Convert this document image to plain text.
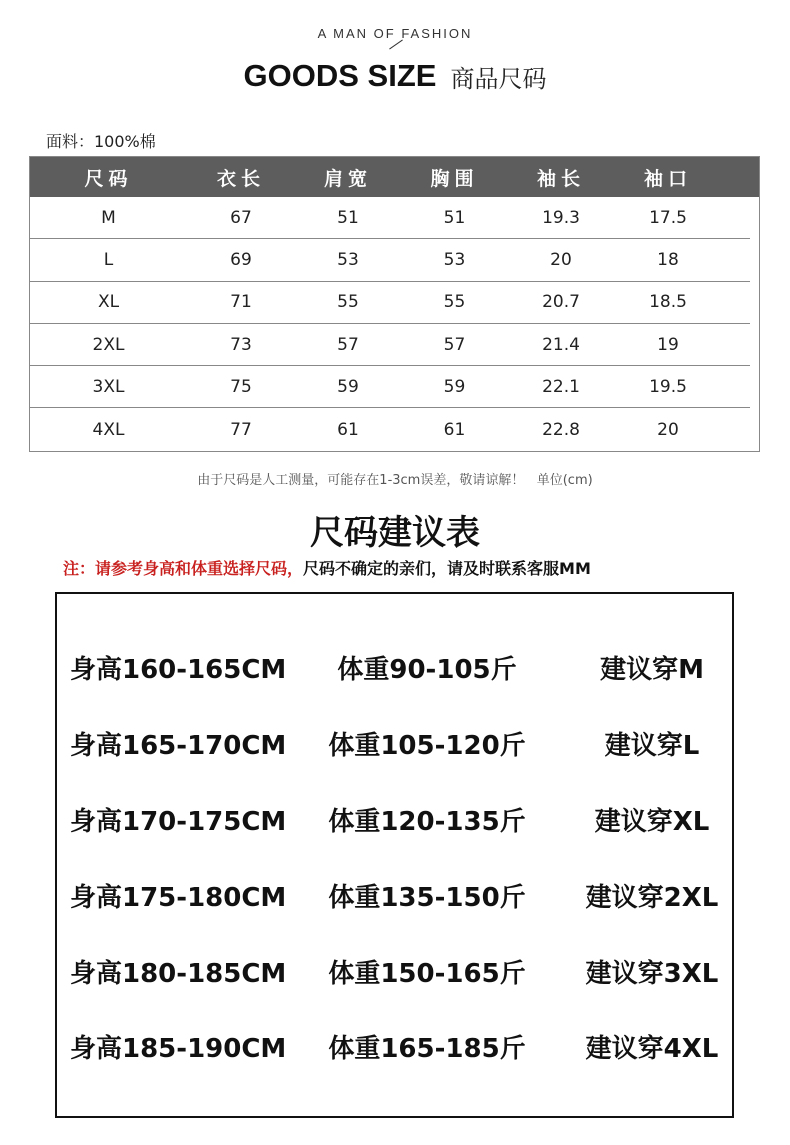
A MAN OF FASHION
GOODS SIZE 商品尺码
面料：100%棉
尺码	衣长	肩宽	胸围	袖长	袖口
M	67	51	51	19.3	17.5
L	69	53	53	20	18
XL	71	55	55	20.7	18.5
2XL	73	57	57	21.4	19
3XL	75	59	59	22.1	19.5
4XL	77	61	61	22.8	20
由于尺码是人工测量，可能存在1-3cm误差，敬请谅解！   单位(cm)
尺码建议表
注：请参考身高和体重选择尺码，尺码不确定的亲们，请及时联系客服MM
身高160-165CM	体重90-105斤	建议穿M
身高165-170CM 体重105-120斤	建议穿L
身高170-175CM 体重120-135斤	建议穿XL
身高175-180CM 体重135-150斤	建议穿2XL
身高180-185CM 体重150-165斤	建议穿3XL
身高185-190CM 体重165-185斤	建议穿4XL
